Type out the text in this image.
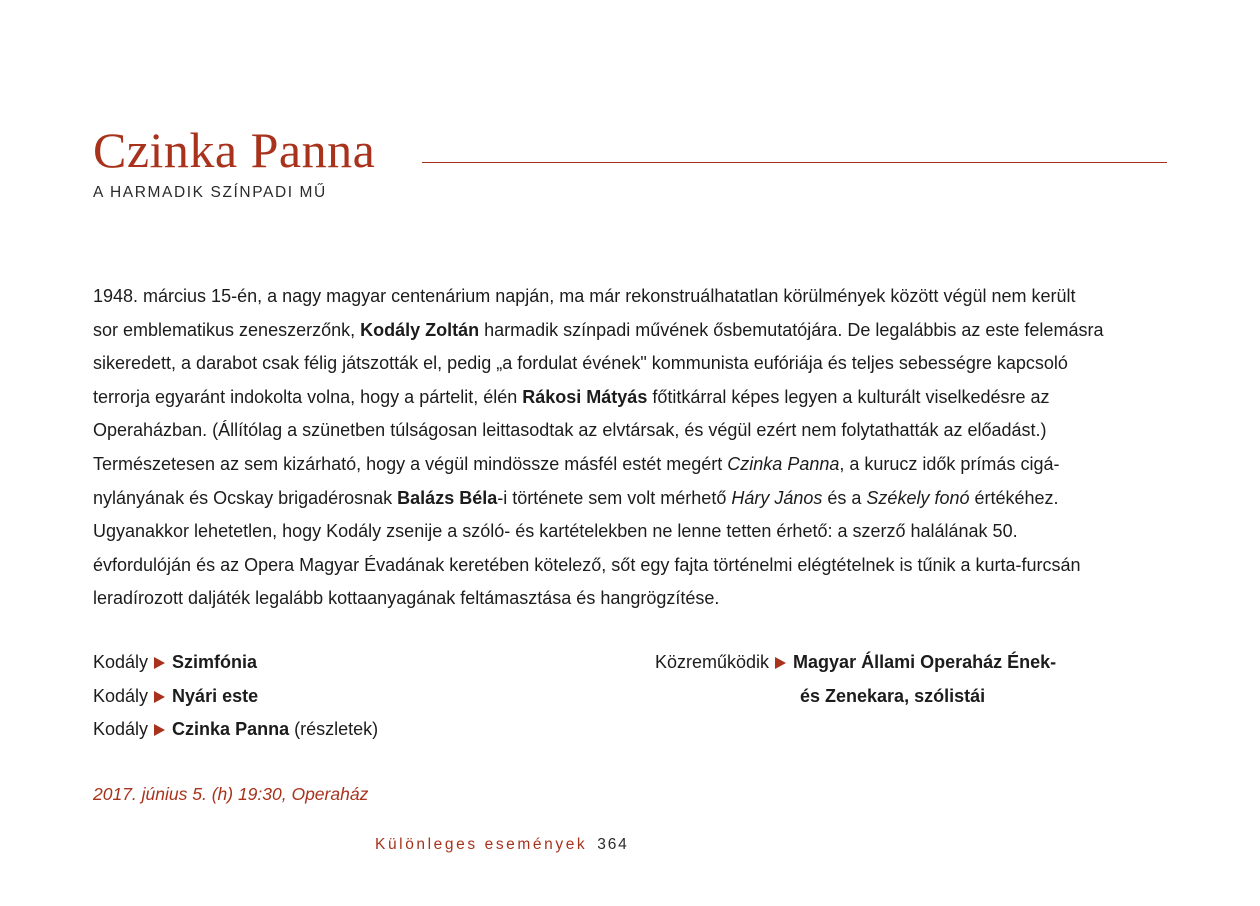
Czinka Panna
A HARMADIK SZÍNPADI MŰ

1948. március 15-én, a nagy magyar centenárium napján, ma már rekonstruálhatatlan körülmények között végül nem került

sor emblematikus zeneszerzőnk, Kodály Zoltán harmadik színpadi művének ősbemutatójára. De legalábbis az este felemásra

sikeredett, a darabot csak félig játszották el, pedig „a fordulat évének" kommunista eufóriája és teljes sebességre kapcsoló

terrorja egyaránt indokolta volna, hogy a pártelit, élén Rákosi Mátyás főtitkárral képes legyen a kulturált viselkedésre az

Operaházban. (Állítólag a szünetben túlságosan leittasodtak az elvtársak, és végül ezért nem folytathatták az előadást.)

Természetesen az sem kizárható, hogy a végül mindössze másfél estét megért Czinka Panna, a kurucz idők prímás cigá-

nylányának és Ocskay brigadérosnak Balázs Béla-i története sem volt mérhető Háry János és a Székely fonó értékéhez.

Ugyanakkor lehetetlen, hogy Kodály zsenije a szóló- és kartételekben ne lenne tetten érhető: a szerző halálának 50.

évfordulóján és az Opera Magyar Évadának keretében kötelező, sőt egy fajta történelmi elégtételnek is tűnik a kurta-furcsán

leradírozott daljáték legalább kottaanyagának feltámasztása és hangrögzítése.

Kodály Szimfónia
Kodály Nyári este
Kodály Czinka Panna (részletek)
Közreműködik Magyar Állami Operaház Ének-
és Zenekara, szólistái
2017. június 5. (h) 19:30, Operaház
Különleges események 364
